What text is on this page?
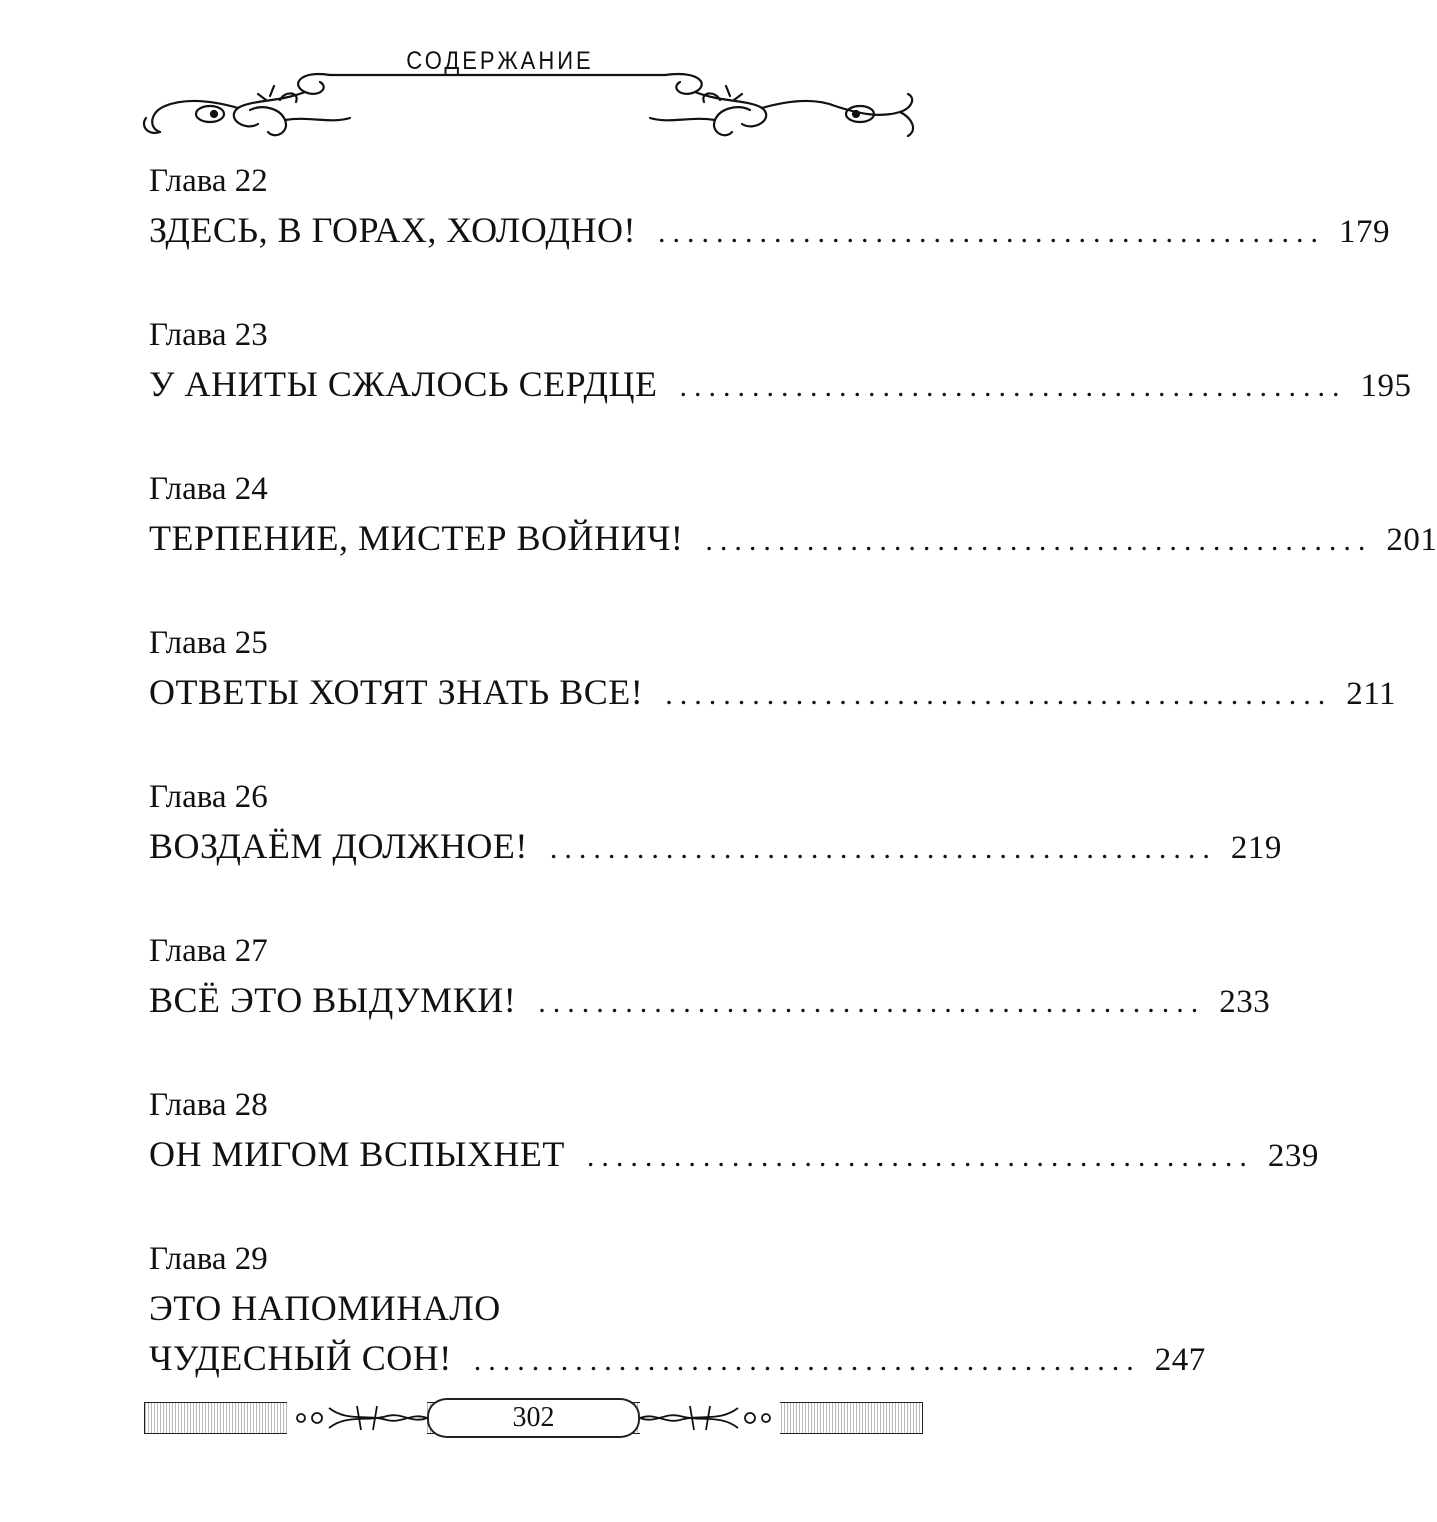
СОДЕРЖАНИЕ
Глава 22
ЗДЕСЬ, В ГОРАХ, ХОЛОДНО! .............................................. 179
Глава 23
У АНИТЫ СЖАЛОСЬ СЕРДЦЕ .............................................. 195
Глава 24
ТЕРПЕНИЕ, МИСТЕР ВОЙНИЧ! .............................................. 201
Глава 25
ОТВЕТЫ ХОТЯТ ЗНАТЬ ВСЕ! .............................................. 211
Глава 26
ВОЗДАЁМ ДОЛЖНОЕ! .............................................. 219
Глава 27
ВСЁ ЭТО ВЫДУМКИ! .............................................. 233
Глава 28
ОН МИГОМ ВСПЫХНЕТ .............................................. 239
Глава 29
ЭТО НАПОМИНАЛО
ЧУДЕСНЫЙ СОН! .............................................. 247
302
